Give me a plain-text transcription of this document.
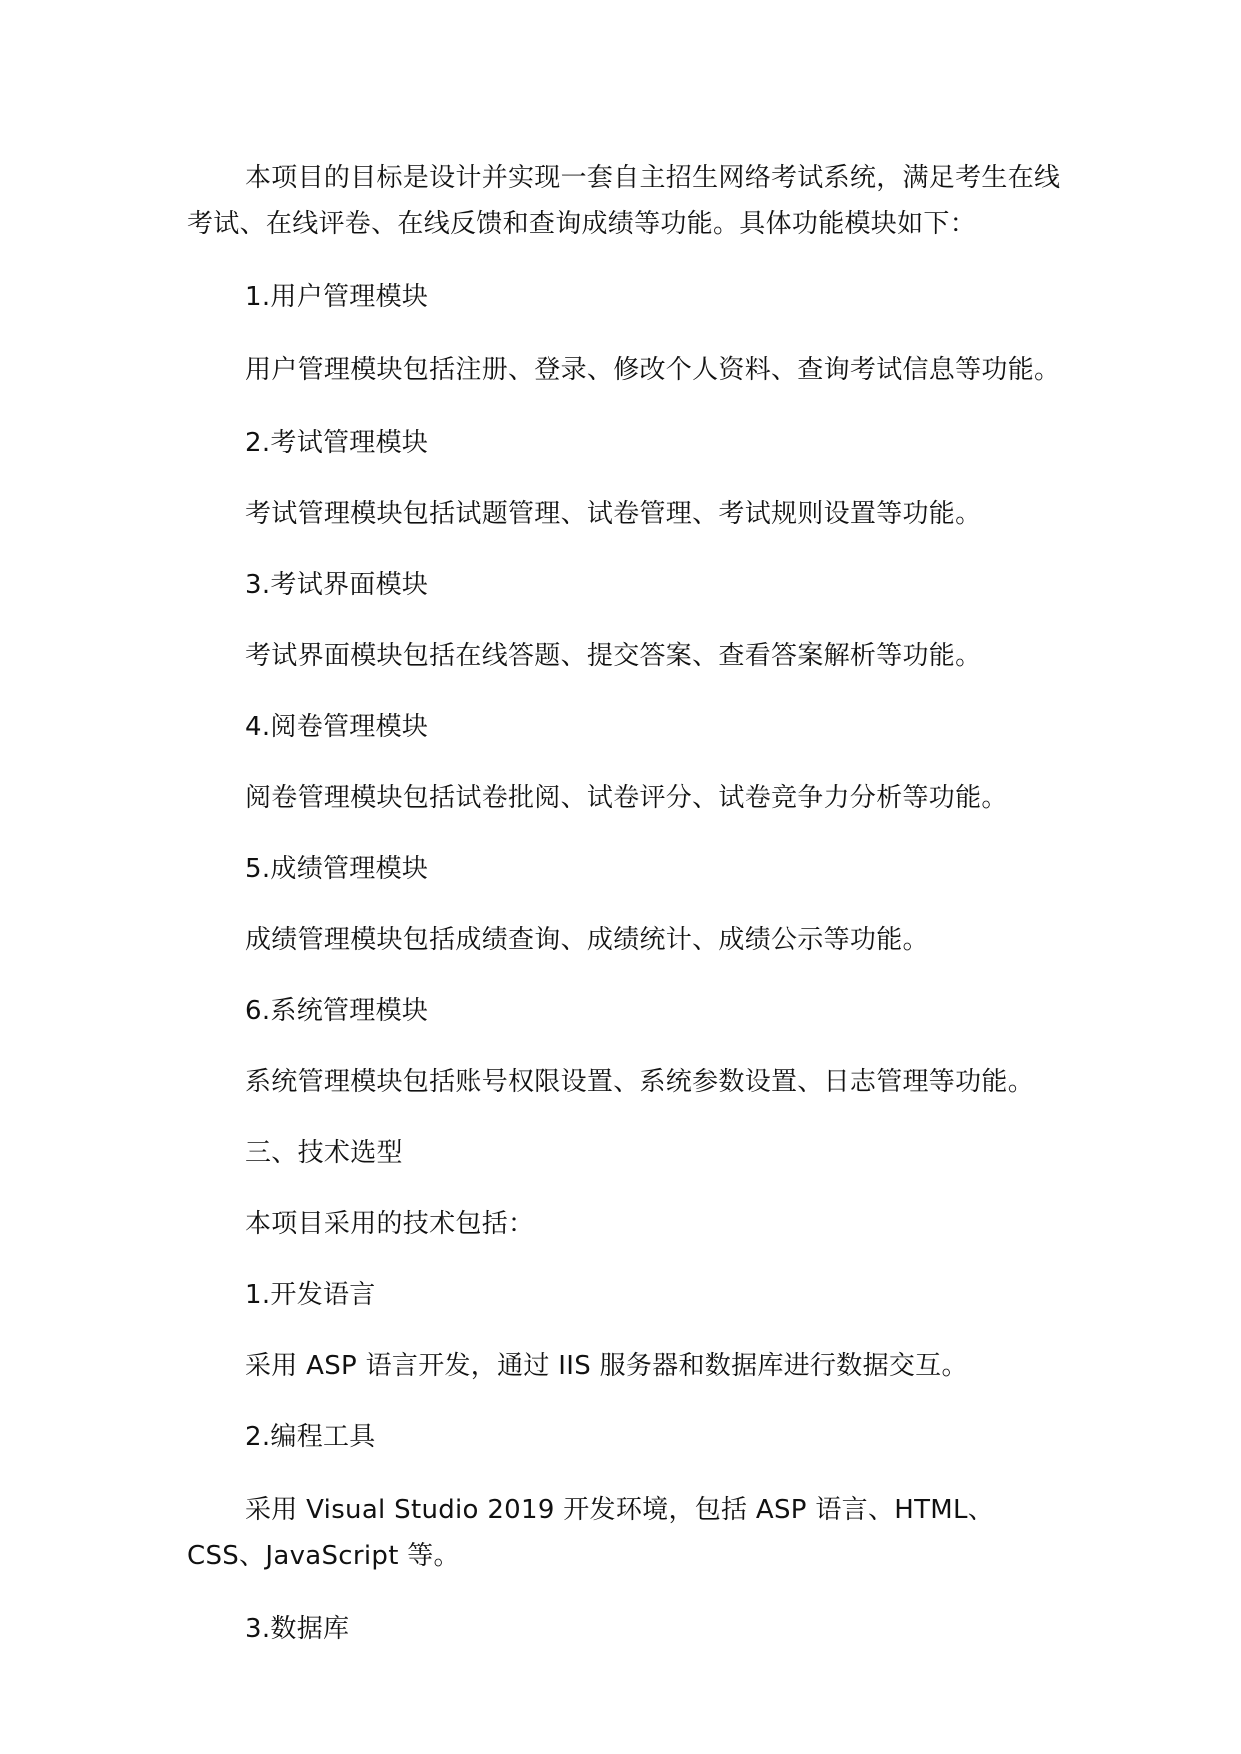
本项目的目标是设计并实现一套自主招生网络考试系统，满足考生在线考试、在线评卷、在线反馈和查询成绩等功能。具体功能模块如下：

1.用户管理模块

用户管理模块包括注册、登录、修改个人资料、查询考试信息等功能。

2.考试管理模块

考试管理模块包括试题管理、试卷管理、考试规则设置等功能。

3.考试界面模块

考试界面模块包括在线答题、提交答案、查看答案解析等功能。

4.阅卷管理模块

阅卷管理模块包括试卷批阅、试卷评分、试卷竞争力分析等功能。

5.成绩管理模块

成绩管理模块包括成绩查询、成绩统计、成绩公示等功能。

6.系统管理模块

系统管理模块包括账号权限设置、系统参数设置、日志管理等功能。

三、技术选型

本项目采用的技术包括：

1.开发语言

采用 ASP 语言开发，通过 IIS 服务器和数据库进行数据交互。

2.编程工具

采用 Visual Studio 2019 开发环境，包括 ASP 语言、HTML、CSS、JavaScript 等。

3.数据库
